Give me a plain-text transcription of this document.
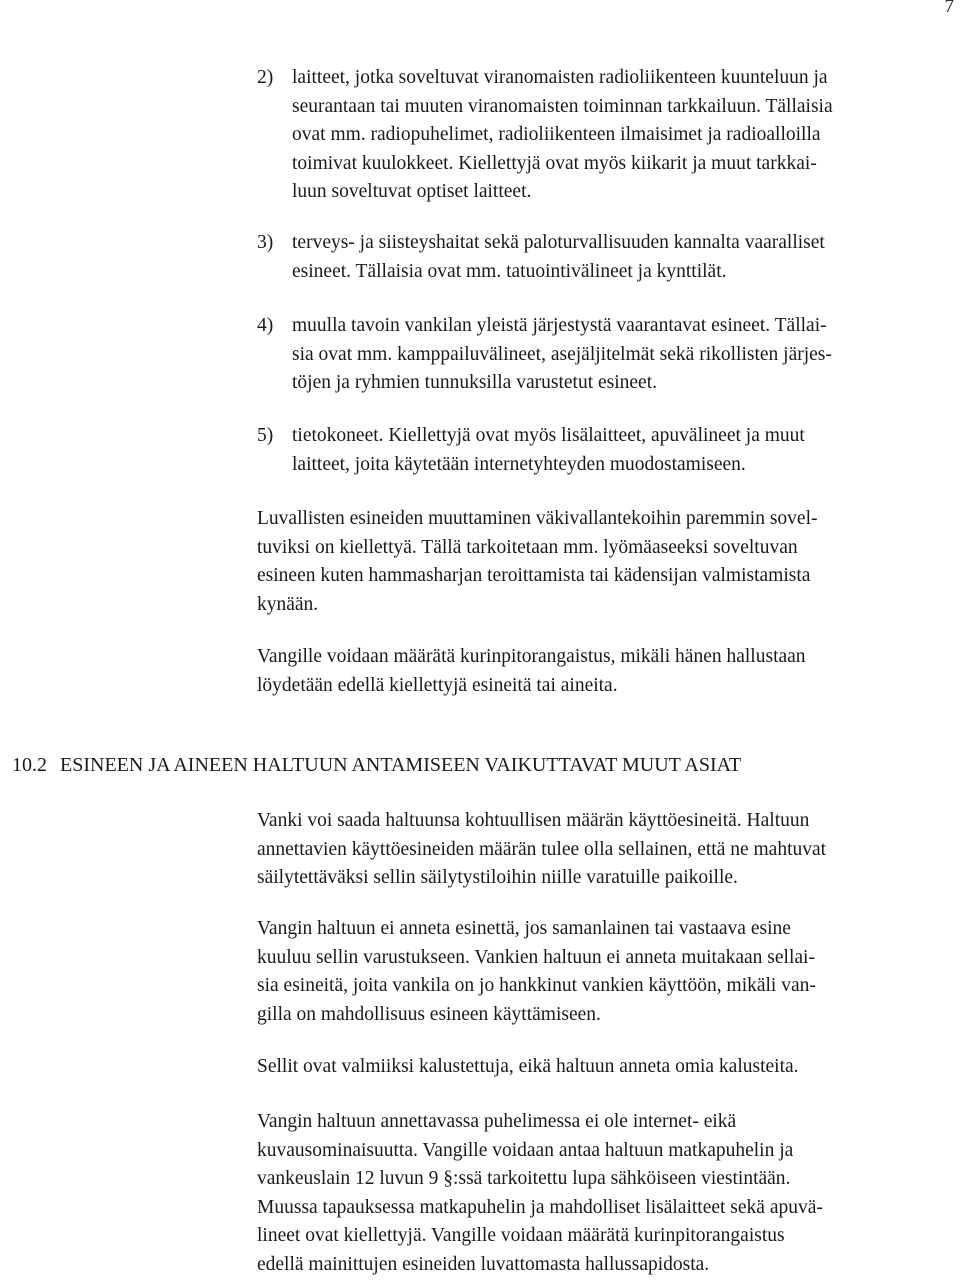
7
2) laitteet, jotka soveltuvat viranomaisten radioliikenteen kuunteluun ja
seurantaan tai muuten viranomaisten toiminnan tarkkailuun. Tällaisia
ovat mm. radiopuhelimet, radioliikenteen ilmaisimet ja radioalloilla
toimivat kuulokkeet. Kiellettyjä ovat myös kiikarit ja muut tarkkai-
luun soveltuvat optiset laitteet.
3) terveys- ja siisteyshaitat sekä paloturvallisuuden kannalta vaaralliset
esineet. Tällaisia ovat mm. tatuointivälineet ja kynttilät.
4) muulla tavoin vankilan yleistä järjestystä vaarantavat esineet. Tällai-
sia ovat mm. kamppailuvälineet, asejäljitelmät sekä rikollisten järjes-
töjen ja ryhmien tunnuksilla varustetut esineet.
5) tietokoneet. Kiellettyjä ovat myös lisälaitteet, apuvälineet ja muut
laitteet, joita käytetään internetyhteyden muodostamiseen.

Luvallisten esineiden muuttaminen väkivallantekoihin paremmin sovel-
tuviksi on kiellettyä. Tällä tarkoitetaan mm. lyömäaseeksi soveltuvan
esineen kuten hammasharjan teroittamista tai kädensijan valmistamista
kynään.

Vangille voidaan määrätä kurinpitorangaistus, mikäli hänen hallustaan
löydetään edellä kiellettyjä esineitä tai aineita.

10.2 ESINEEN JA AINEEN HALTUUN ANTAMISEEN VAIKUTTAVAT MUUT ASIAT

Vanki voi saada haltuunsa kohtuullisen määrän käyttöesineitä. Haltuun
annettavien käyttöesineiden määrän tulee olla sellainen, että ne mahtuvat
säilytettäväksi sellin säilytystiloihin niille varatuille paikoille.

Vangin haltuun ei anneta esinettä, jos samanlainen tai vastaava esine
kuuluu sellin varustukseen. Vankien haltuun ei anneta muitakaan sellai-
sia esineitä, joita vankila on jo hankkinut vankien käyttöön, mikäli van-
gilla on mahdollisuus esineen käyttämiseen.

Sellit ovat valmiiksi kalustettuja, eikä haltuun anneta omia kalusteita.

Vangin haltuun annettavassa puhelimessa ei ole internet- eikä
kuvausominaisuutta. Vangille voidaan antaa haltuun matkapuhelin ja
vankeuslain 12 luvun 9 §:ssä tarkoitettu lupa sähköiseen viestintään.
Muussa tapauksessa matkapuhelin ja mahdolliset lisälaitteet sekä apuvä-
lineet ovat kiellettyjä. Vangille voidaan määrätä kurinpitorangaistus
edellä mainittujen esineiden luvattomasta hallussapidosta.
